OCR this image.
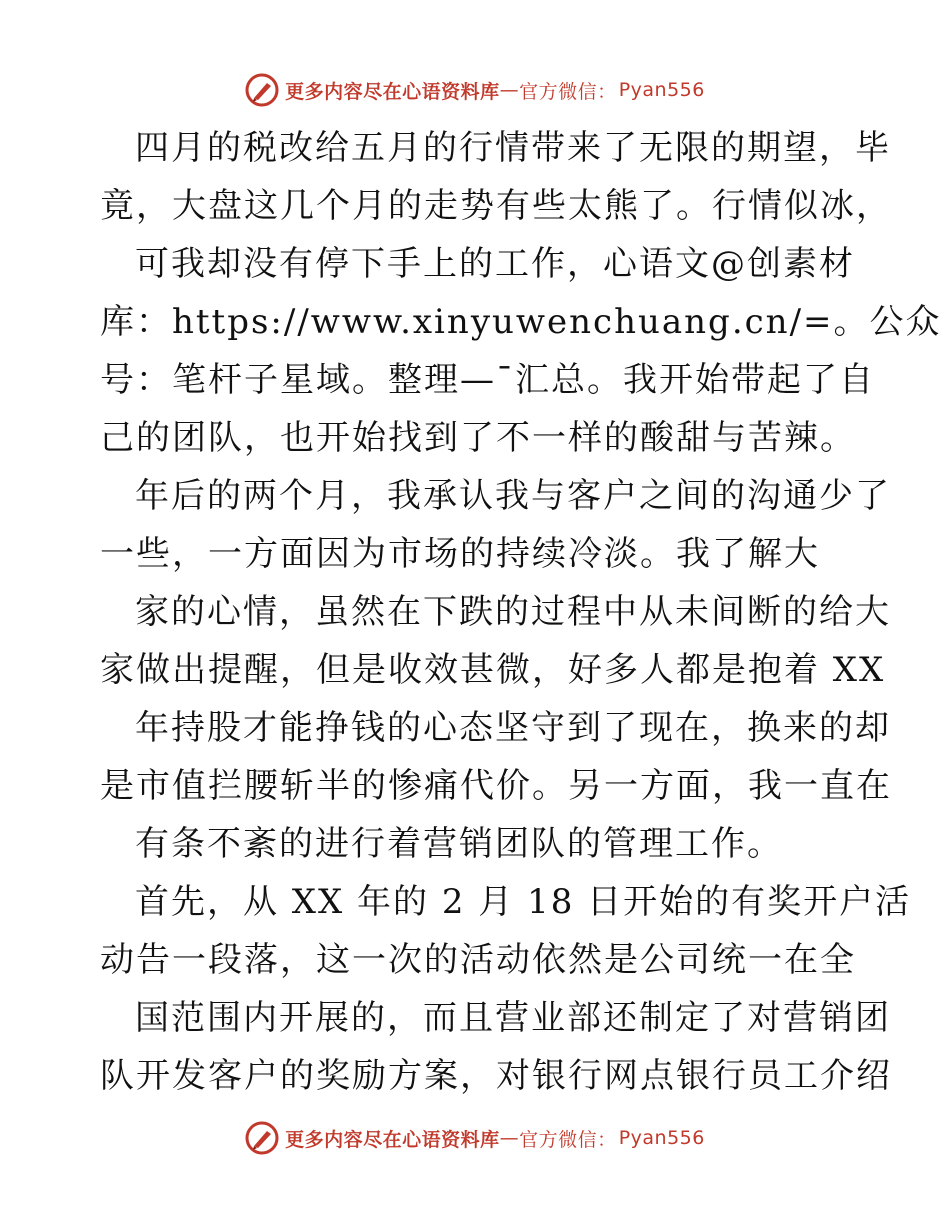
更多内容尽在心语资料库 — 官方微信： Pyan556
四月的税改给五月的行情带来了无限的期望，毕
竟，大盘这几个月的走势有些太熊了。行情似冰，
可我却没有停下手上的工作，心语文@创素材
库：https://www.xinyuwenchuang.cn/=。公众
号：笔杆子星域。整理—¯汇总。我开始带起了自
己的团队，也开始找到了不一样的酸甜与苦辣。
年后的两个月，我承认我与客户之间的沟通少了
一些，一方面因为市场的持续冷淡。我了解大
家的心情，虽然在下跌的过程中从未间断的给大
家做出提醒，但是收效甚微，好多人都是抱着 XX
年持股才能挣钱的心态坚守到了现在，换来的却
是市值拦腰斩半的惨痛代价。另一方面，我一直在
有条不紊的进行着营销团队的管理工作。
首先，从 XX 年的 2 月 18 日开始的有奖开户活
动告一段落，这一次的活动依然是公司统一在全
国范围内开展的，而且营业部还制定了对营销团
队开发客户的奖励方案，对银行网点银行员工介绍
更多内容尽在心语资料库 — 官方微信： Pyan556
